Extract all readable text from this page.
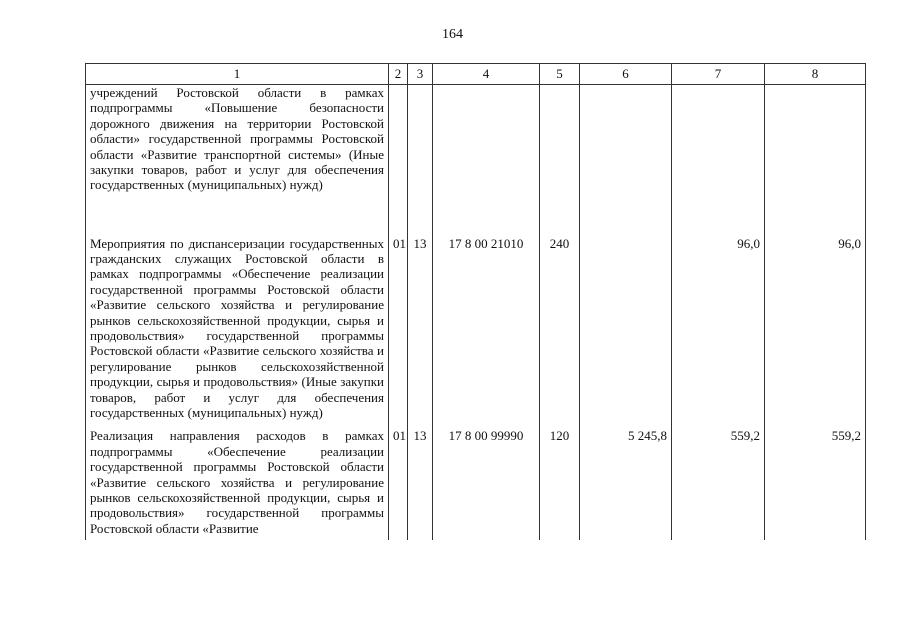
164
1	2	3	4	5	6	7	8
учреждений Ростовской области в рамках подпрограммы «Повышение безопасности дорожного движения на территории Ростовской области» государственной программы Ростовской области «Развитие транспортной системы» (Иные закупки товаров, работ и услуг для обеспечения государственных (муниципальных) нужд)							
Мероприятия по диспансеризации государственных гражданских служащих Ростовской области в рамках подпрограммы «Обеспечение реализации государственной программы Ростовской области «Развитие сельского хозяйства и регулирование рынков сельскохозяйственной продукции, сырья и продовольствия» государственной программы Ростовской области «Развитие сельского хозяйства и регулирование рынков сельскохозяйственной продукции, сырья и продовольствия» (Иные закупки товаров, работ и услуг для обеспечения государственных (муниципальных) нужд)	01	13	17 8 00 21010	240		96,0	96,0
Реализация направления расходов в рамках подпрограммы «Обеспечение реализации государственной программы Ростовской области «Развитие сельского хозяйства и регулирование рынков сельскохозяйственной продукции, сырья и продовольствия» государственной программы Ростовской области «Развитие	01	13	17 8 00 99990	120	5 245,8	559,2	559,2
